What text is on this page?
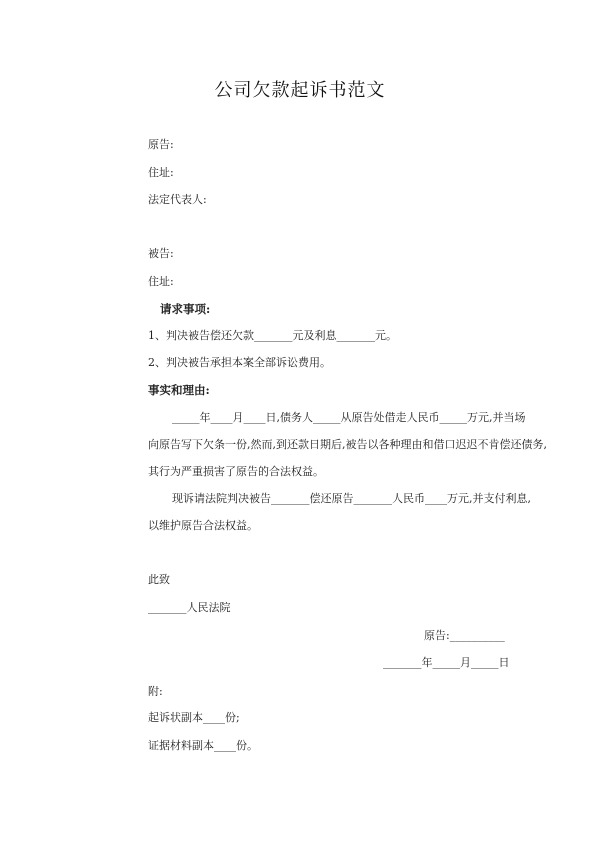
公司欠款起诉书范文
原告:
住址:
法定代表人:
被告:
住址:
请求事项:
1、判决被告偿还欠款_______元及利息_______元。
2、判决被告承担本案全部诉讼费用。
事实和理由:
_____年____月____日,债务人_____从原告处借走人民币_____万元,并当场
向原告写下欠条一份,然而,到还款日期后,被告以各种理由和借口迟迟不肯偿还债务,
其行为严重损害了原告的合法权益。
现诉请法院判决被告_______偿还原告_______人民币____万元,并支付利息,
以维护原告合法权益。
此致
_______人民法院
原告:__________
_______年_____月_____日
附:
起诉状副本____份;
证据材料副本____份。
